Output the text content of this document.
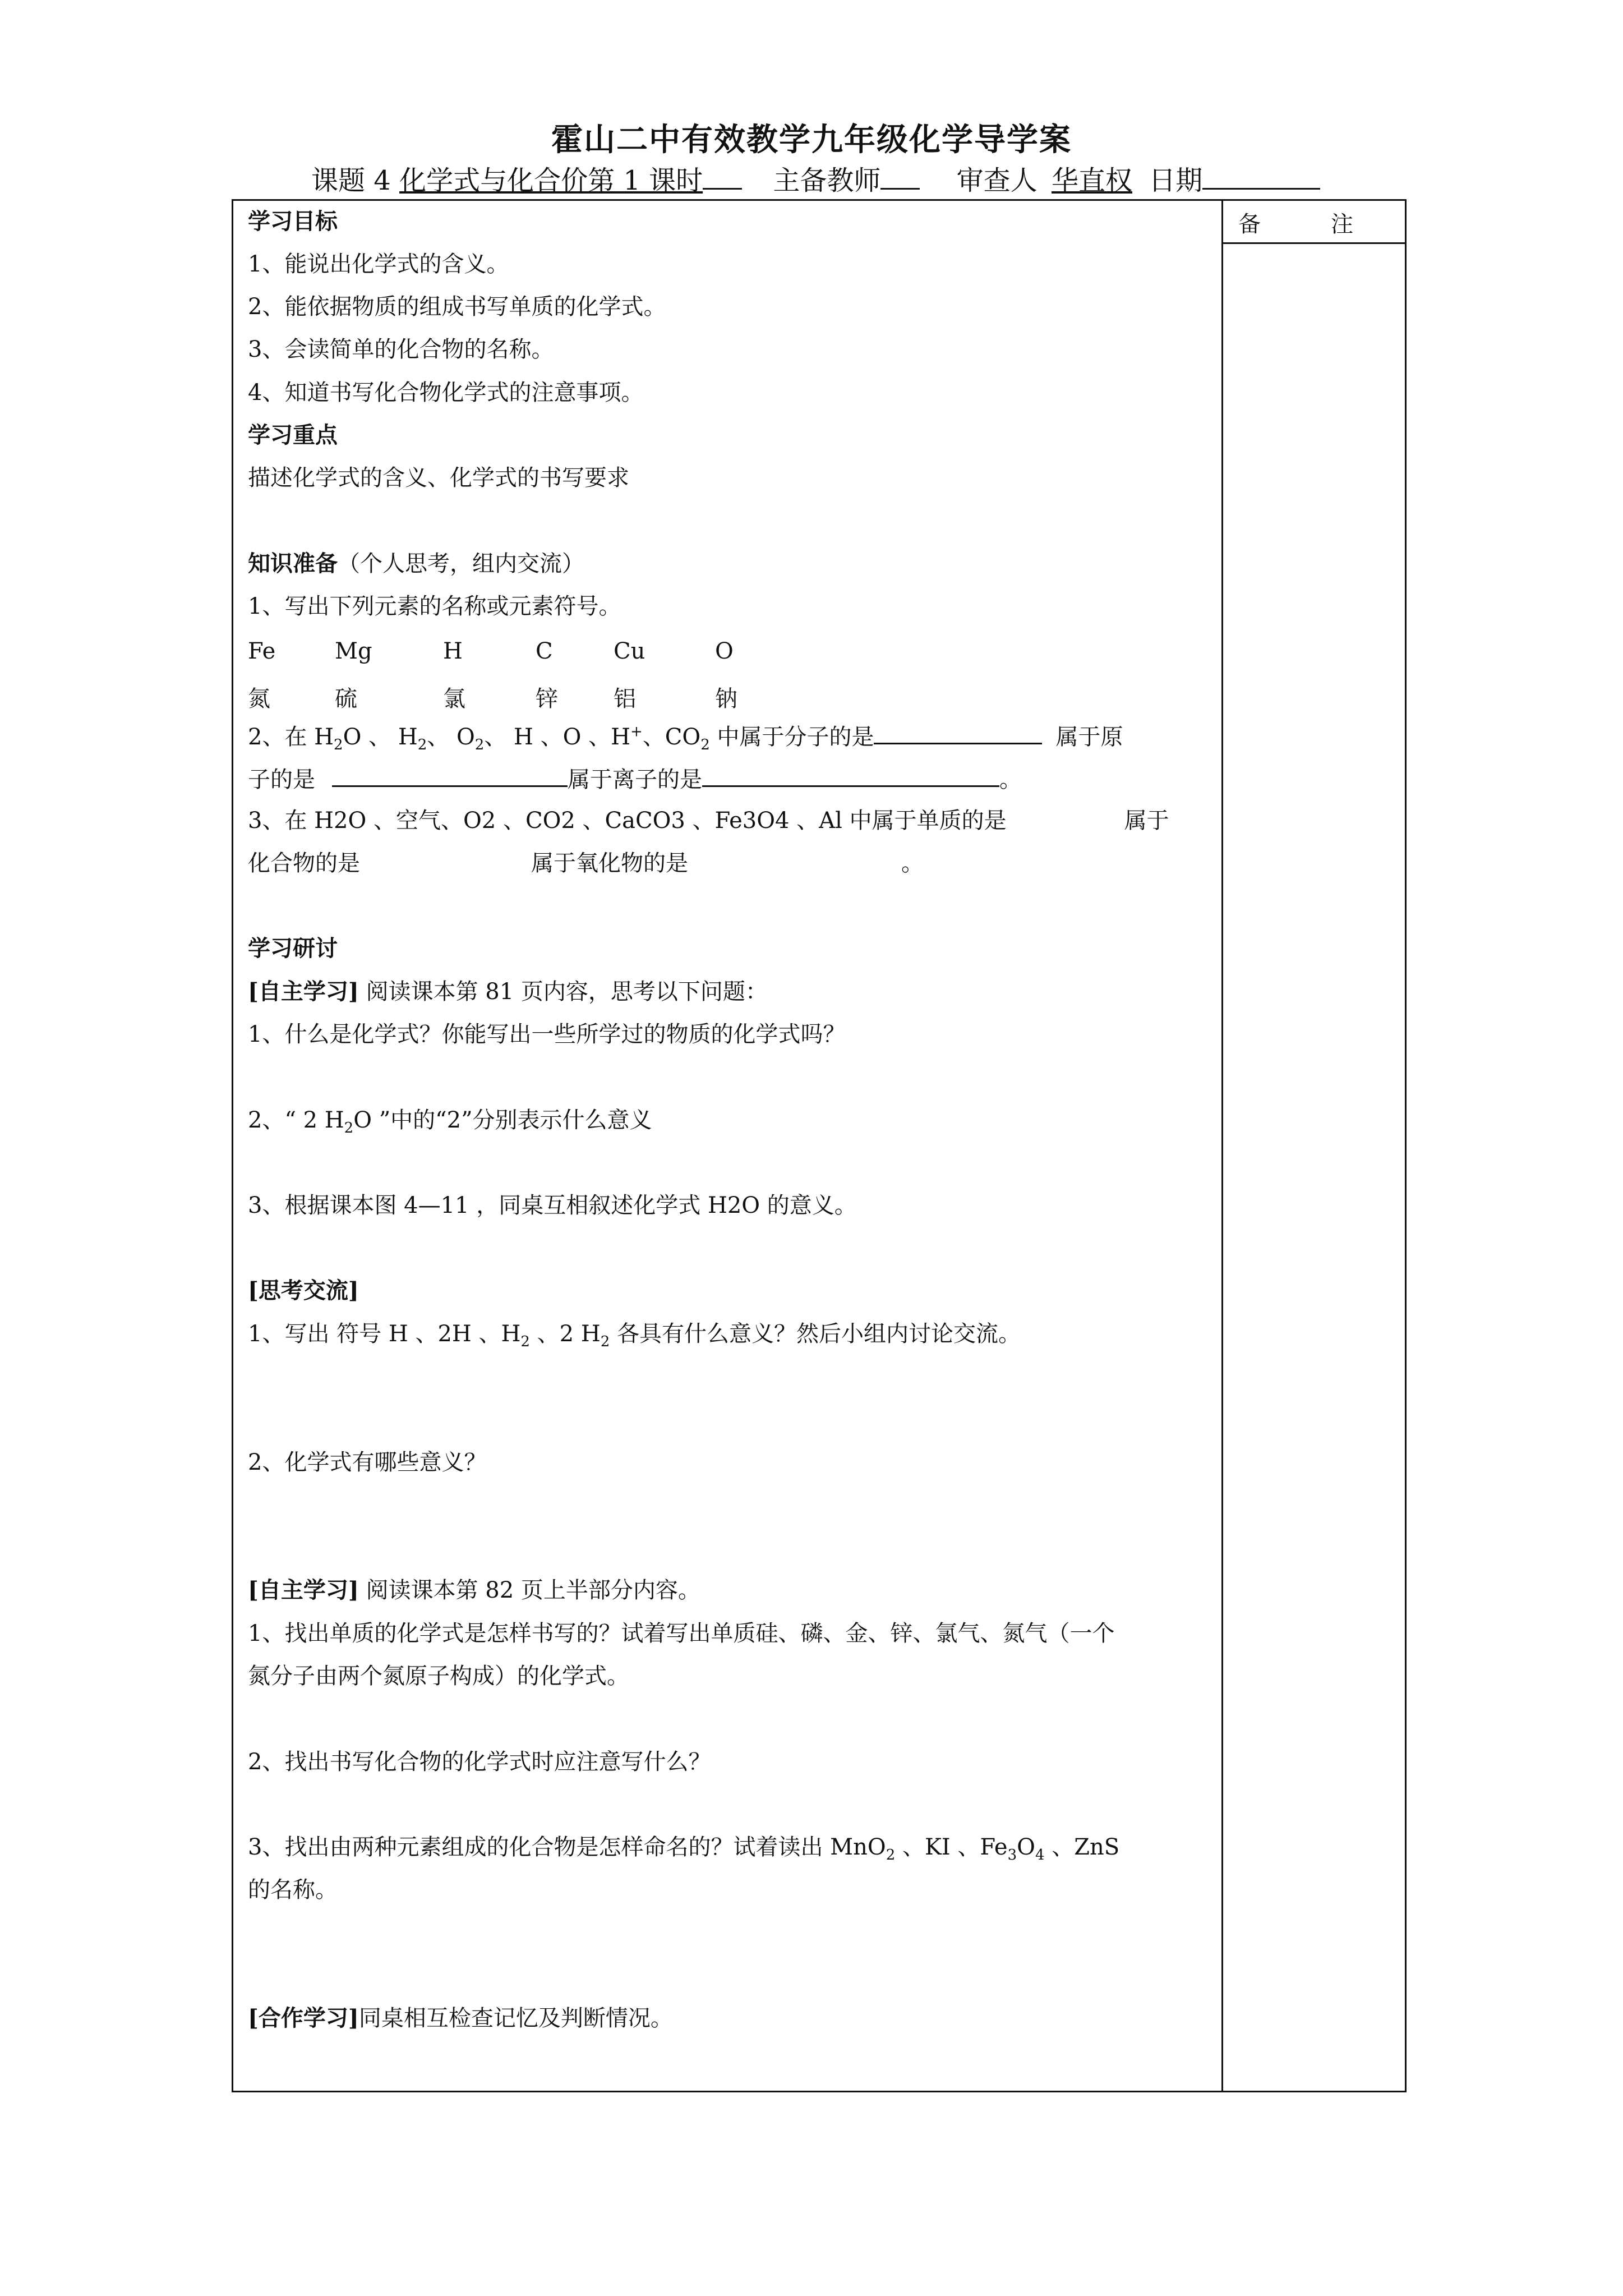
霍山二中有效教学九年级化学导学案
课题 4 化学式与化合价第 1 课时	主备教师	审查人 华直权 日期
备	注
学习目标
1、能说出化学式的含义。
2、能依据物质的组成书写单质的化学式。
3、会读简单的化合物的名称。
4、知道书写化合物化学式的注意事项。
学习重点
描述化学式的含义、化学式的书写要求
知识准备（个人思考，组内交流）
1、写出下列元素的名称或元素符号。
Fe	Mg	H	C	Cu	O
氮	硫	氯	锌 铝	钠
2、在 $H_2O$ 、 $H_2$、 $O_2$、 H 、O 、H+、$CO_2$ 中属于分子的是	属于原
子的是	属于离子的是	。
3、在 H2O 、空气、O2 、CO2 、CaCO3 、Fe3O4 、Al 中属于单质的是	属于
化合物的是	属于氧化物的是	。
学习研讨
[自主学习] 阅读课本第 81 页内容，思考以下问题：
1、什么是化学式？你能写出一些所学过的物质的化学式吗？
2、“ 2 $H_2O$ ”中的“2”分别表示什么意义
3、根据课本图 4—11 ，同桌互相叙述化学式 H2O 的意义。
[思考交流]
1、写出 符号 H 、2H 、$H_2$ 、2 $H_2$ 各具有什么意义？然后小组内讨论交流。
2、化学式有哪些意义？
[自主学习] 阅读课本第 82 页上半部分内容。
1、找出单质的化学式是怎样书写的？试着写出单质硅、磷、金、锌、氯气、氮气（一个
氮分子由两个氮原子构成）的化学式。
2、找出书写化合物的化学式时应注意写什么？
3、找出由两种元素组成的化合物是怎样命名的？试着读出 MnO$_2$ 、KI 、$Fe_3O_4$ 、ZnS
的名称。
[合作学习]同桌相互检查记忆及判断情况。
